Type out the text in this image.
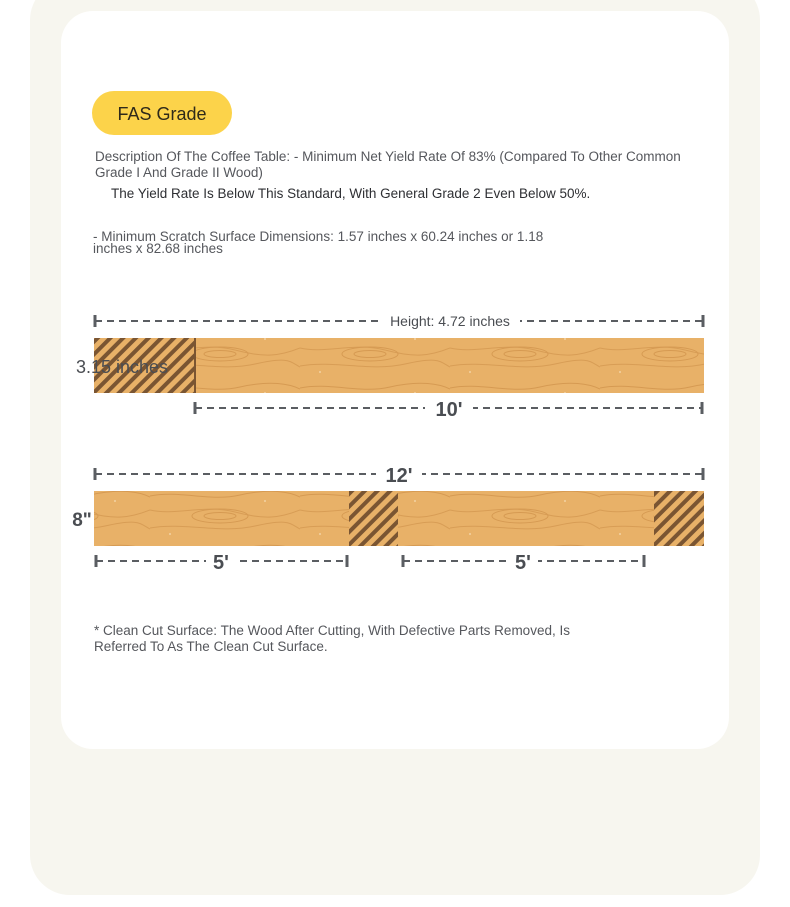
FAS Grade
Description Of The Coffee Table: - Minimum Net Yield Rate Of 83% (Compared To Other Common Grade I And Grade II Wood)
The Yield Rate Is Below This Standard, With General Grade 2 Even Below 50%.
- Minimum Scratch Surface Dimensions: 1.57 inches x 60.24 inches or 1.18 inches x 82.68 inches
Height: 4.72 inches
3.15 inches
10'
12'
8"
5'	5'
* Clean Cut Surface: The Wood After Cutting, With Defective Parts Removed, Is Referred To As The Clean Cut Surface.
